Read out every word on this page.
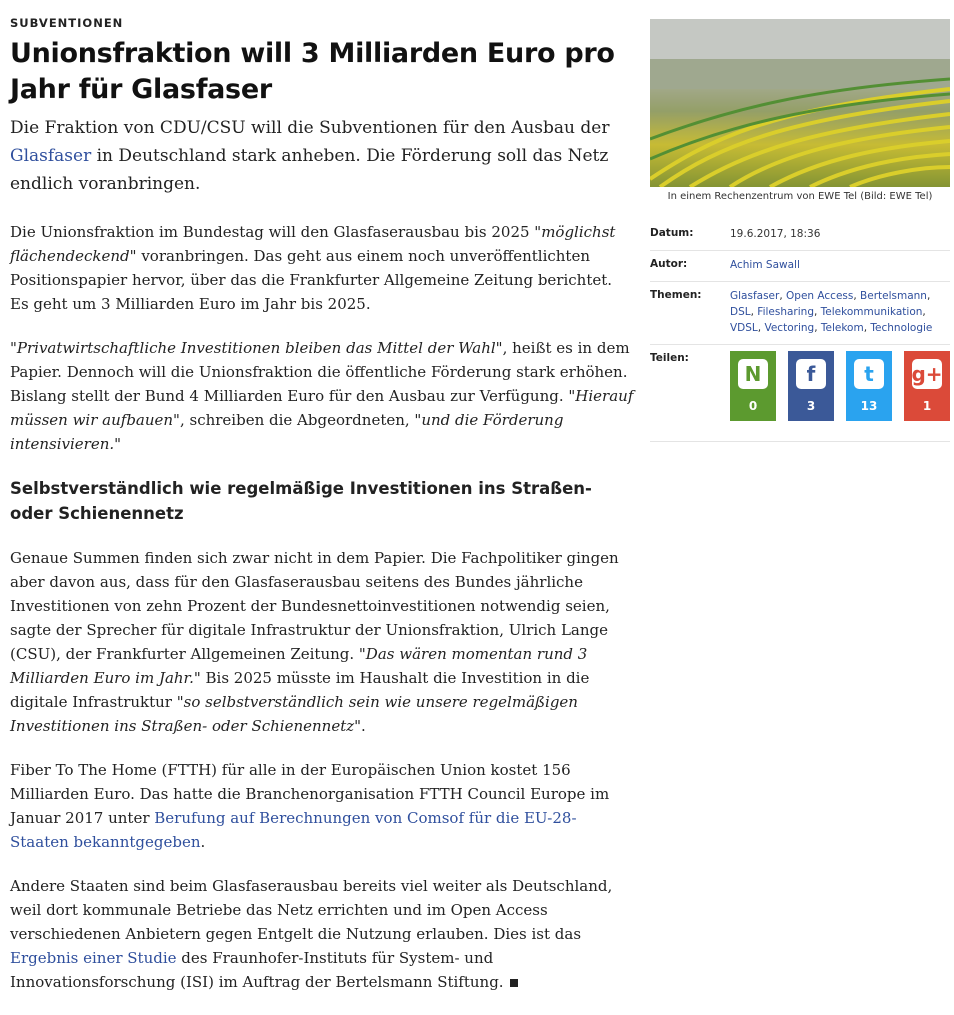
SUBVENTIONEN
Unionsfraktion will 3 Milliarden Euro pro Jahr für Glasfaser

Die Fraktion von CDU/CSU will die Subventionen für den Ausbau der Glasfaser in Deutschland stark anheben. Die Förderung soll das Netz endlich voranbringen.

Die Unionsfraktion im Bundestag will den Glasfaserausbau bis 2025 "möglichst flächendeckend" voranbringen. Das geht aus einem noch unveröffentlichten Positionspapier hervor, über das die Frankfurter Allgemeine Zeitung berichtet. Es geht um 3 Milliarden Euro im Jahr bis 2025.

"Privatwirtschaftliche Investitionen bleiben das Mittel der Wahl", heißt es in dem Papier. Dennoch will die Unionsfraktion die öffentliche Förderung stark erhöhen. Bislang stellt der Bund 4 Milliarden Euro für den Ausbau zur Verfügung. "Hierauf müssen wir aufbauen", schreiben die Abgeordneten, "und die Förderung intensivieren."

Selbstverständlich wie regelmäßige Investitionen ins Straßen- oder Schienennetz

Genaue Summen finden sich zwar nicht in dem Papier. Die Fachpolitiker gingen aber davon aus, dass für den Glasfaserausbau seitens des Bundes jährliche Investitionen von zehn Prozent der Bundesnettoinvestitionen notwendig seien, sagte der Sprecher für digitale Infrastruktur der Unionsfraktion, Ulrich Lange (CSU), der Frankfurter Allgemeinen Zeitung. "Das wären momentan rund 3 Milliarden Euro im Jahr." Bis 2025 müsste im Haushalt die Investition in die digitale Infrastruktur "so selbstverständlich sein wie unsere regelmäßigen Investitionen ins Straßen- oder Schienennetz".

Fiber To The Home (FTTH) für alle in der Europäischen Union kostet 156 Milliarden Euro. Das hatte die Branchenorganisation FTTH Council Europe im Januar 2017 unter Berufung auf Berechnungen von Comsof für die EU-28-Staaten bekanntgegeben.

Andere Staaten sind beim Glasfaserausbau bereits viel weiter als Deutschland, weil dort kommunale Betriebe das Netz errichten und im Open Access verschiedenen Anbietern gegen Entgelt die Nutzung erlauben. Dies ist das Ergebnis einer Studie des Fraunhofer-Instituts für System- und Innovationsforschung (ISI) im Auftrag der Bertelsmann Stiftung.

In einem Rechenzentrum von EWE Tel (Bild: EWE Tel)
Datum:	19.6.2017, 18:36
Autor:	Achim Sawall
Themen:	Glasfaser, Open Access, Bertelsmann, DSL, Filesharing, Telekommunikation, VDSL, Vectoring, Telekom, Technologie
Teilen:
N
0
f
3
t
13
g+
1
